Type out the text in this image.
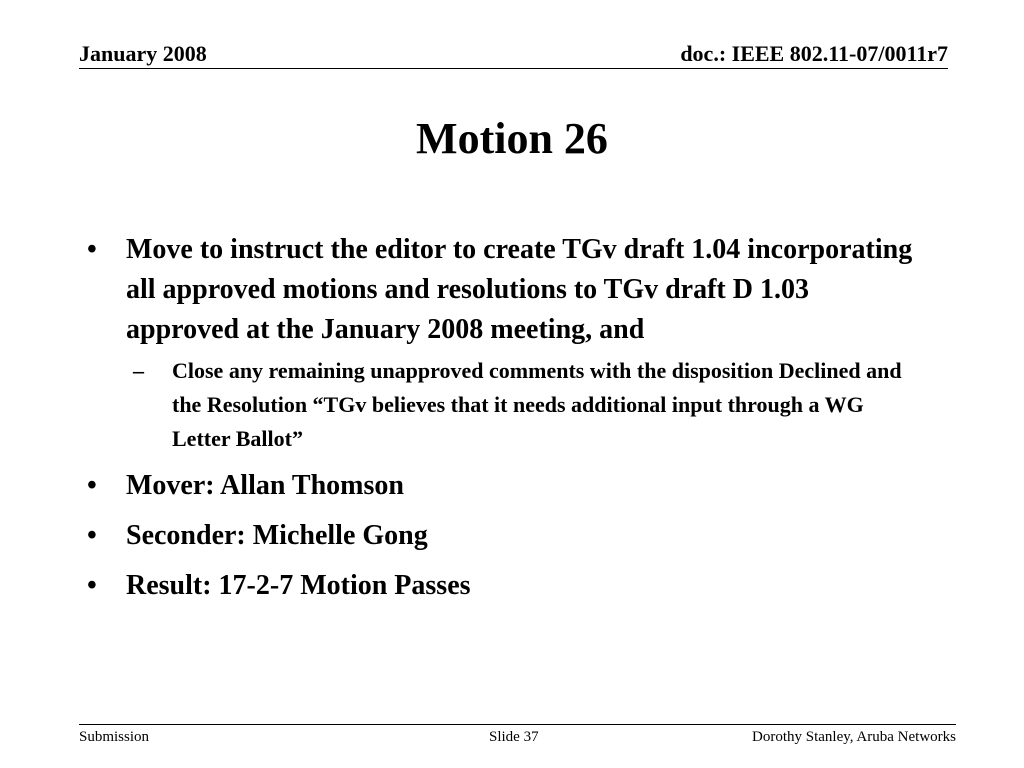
January 2008	doc.: IEEE 802.11-07/0011r7
Motion 26
• Move to instruct the editor to create TGv draft 1.04 incorporating all approved motions and resolutions to TGv draft D 1.03 approved at the January 2008 meeting, and
– Close any remaining unapproved comments with the disposition Declined and the Resolution “TGv believes that it needs additional input through a WG Letter Ballot”
• Mover: Allan Thomson
• Seconder: Michelle Gong
• Result: 17-2-7 Motion Passes
Submission	Slide 37	Dorothy Stanley, Aruba Networks
